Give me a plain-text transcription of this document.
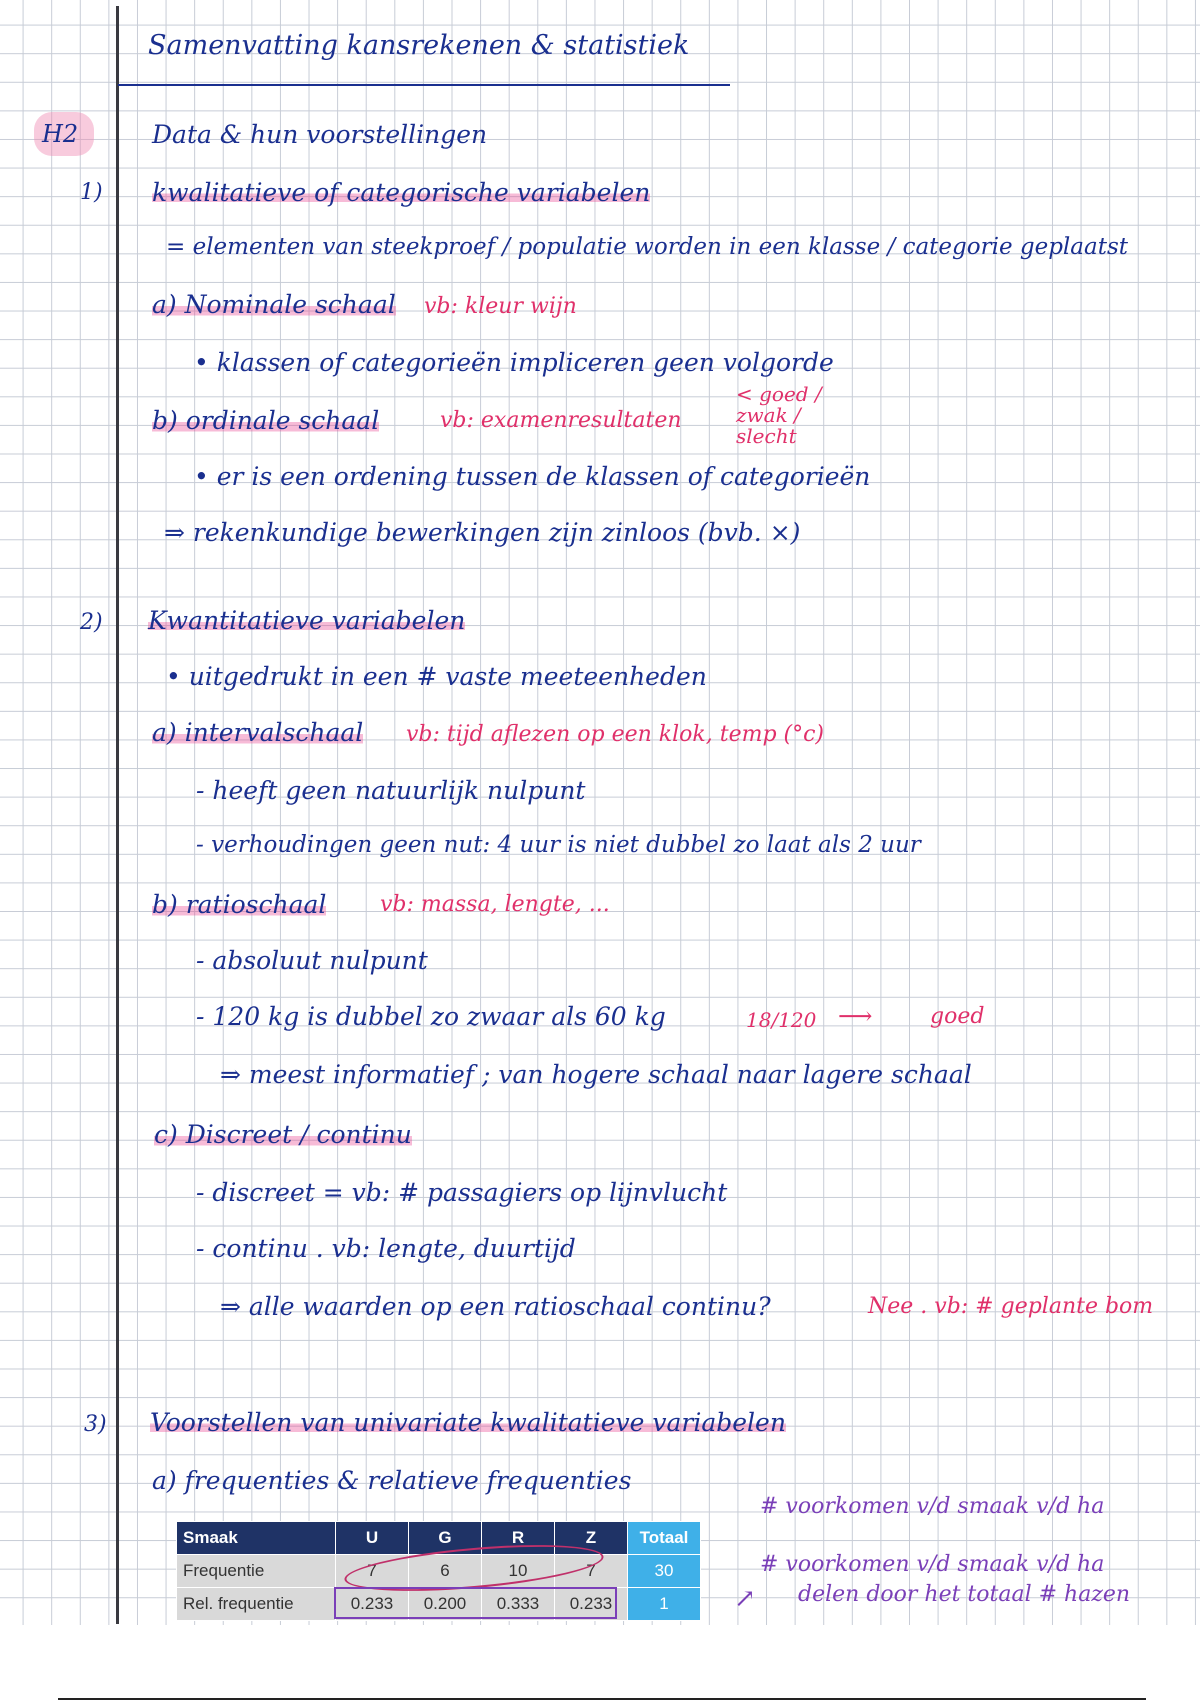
Samenvatting kansrekenen & statistiek
H2	Data & hun voorstellingen
1) kwalitatieve of categorische variabelen
= elementen van steekproef / populatie worden in een klasse / categorie geplaatst
a) Nominale schaal vb: kleur wijn
• klassen of categorieën impliceren geen volgorde
b) ordinale schaal	vb: examenresultaten
< goed / zwak / slecht
• er is een ordening tussen de klassen of categorieën
⇒ rekenkundige bewerkingen zijn zinloos (bvb. ×)
2) Kwantitatieve variabelen
• uitgedrukt in een # vaste meeteenheden
a) intervalschaal vb: tijd aflezen op een klok, temp (°c)
- heeft geen natuurlijk nulpunt
- verhoudingen geen nut: 4 uur is niet dubbel zo laat als 2 uur
b) ratioschaal vb: massa, lengte, ...
- absoluut nulpunt
- 120 kg is dubbel zo zwaar als 60 kg	18/120 ⟶	goed
⇒ meest informatief ; van hogere schaal naar lagere schaal
c) Discreet / continu
- discreet = vb: # passagiers op lijnvlucht
- continu . vb: lengte, duurtijd
⇒ alle waarden op een ratioschaal continu?	Nee . vb: # geplante bom
3) Voorstellen van univariate kwalitatieve variabelen
a) frequenties & relatieve frequenties
# voorkomen v/d smaak v/d ha
# voorkomen v/d smaak v/d ha
delen door het totaal # hazen
↗
Smaak	U	G	R	Z	Totaal
Frequentie	7	6	10	7	30
Rel. frequentie	0.233	0.200	0.333	0.233	1
